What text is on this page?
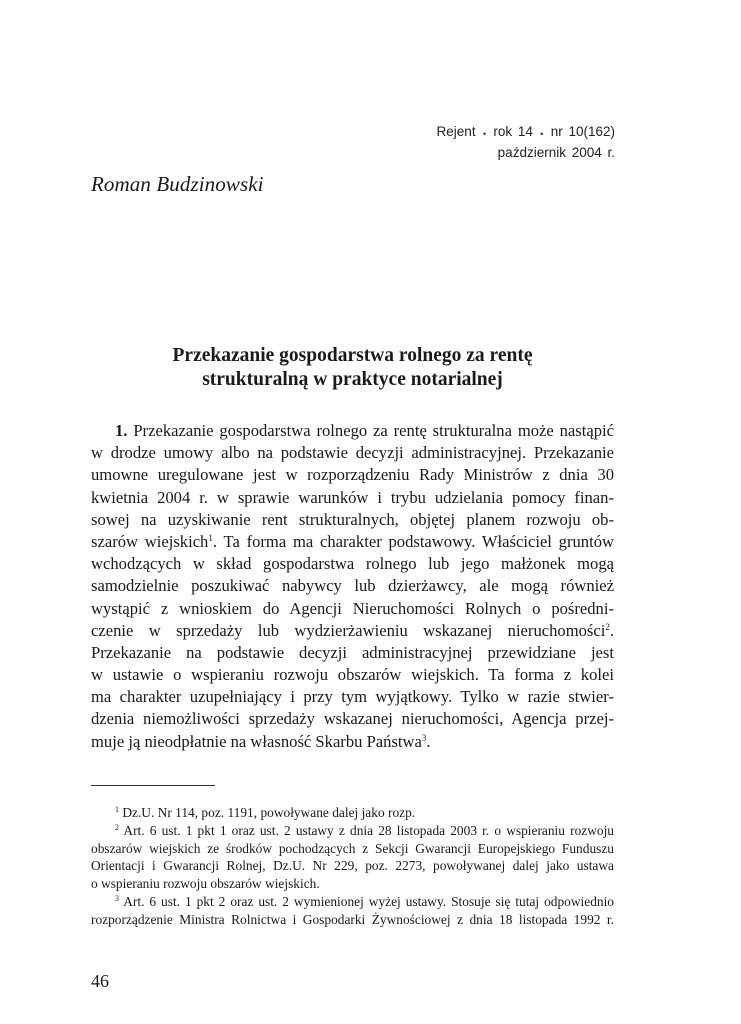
Rejent ⋆ rok 14 ⋆ nr 10(162)
październik 2004 r.
Roman Budzinowski
Przekazanie gospodarstwa rolnego za rentę
strukturalną w praktyce notarialnej
1. Przekazanie gospodarstwa rolnego za rentę strukturalna może nastąpić
w drodze umowy albo na podstawie decyzji administracyjnej. Przekazanie
umowne uregulowane jest w rozporządzeniu Rady Ministrów z dnia 30
kwietnia 2004 r. w sprawie warunków i trybu udzielania pomocy finan-
sowej na uzyskiwanie rent strukturalnych, objętej planem rozwoju ob-
szarów wiejskich$^1$. Ta forma ma charakter podstawowy. Właściciel gruntów
wchodzących w skład gospodarstwa rolnego lub jego małżonek mogą
samodzielnie poszukiwać nabywcy lub dzierżawcy, ale mogą również
wystąpić z wnioskiem do Agencji Nieruchomości Rolnych o pośredni-
czenie w sprzedaży lub wydzierżawieniu wskazanej nieruchomości$^2$.
Przekazanie na podstawie decyzji administracyjnej przewidziane jest
w ustawie o wspieraniu rozwoju obszarów wiejskich. Ta forma z kolei
ma charakter uzupełniający i przy tym wyjątkowy. Tylko w razie stwier-
dzenia niemożliwości sprzedaży wskazanej nieruchomości, Agencja przej-
muje ją nieodpłatnie na własność Skarbu Państwa$^3$.
$^1$ Dz.U. Nr 114, poz. 1191, powoływane dalej jako rozp.
$^2$ Art. 6 ust. 1 pkt 1 oraz ust. 2 ustawy z dnia 28 listopada 2003 r. o wspieraniu rozwoju
obszarów wiejskich ze środków pochodzących z Sekcji Gwarancji Europejskiego Funduszu
Orientacji i Gwarancji Rolnej, Dz.U. Nr 229, poz. 2273, powoływanej dalej jako ustawa
o wspieraniu rozwoju obszarów wiejskich.
$^3$ Art. 6 ust. 1 pkt 2 oraz ust. 2 wymienionej wyżej ustawy. Stosuje się tutaj odpowiednio
rozporządzenie Ministra Rolnictwa i Gospodarki Żywnościowej z dnia 18 listopada 1992 r.
46
